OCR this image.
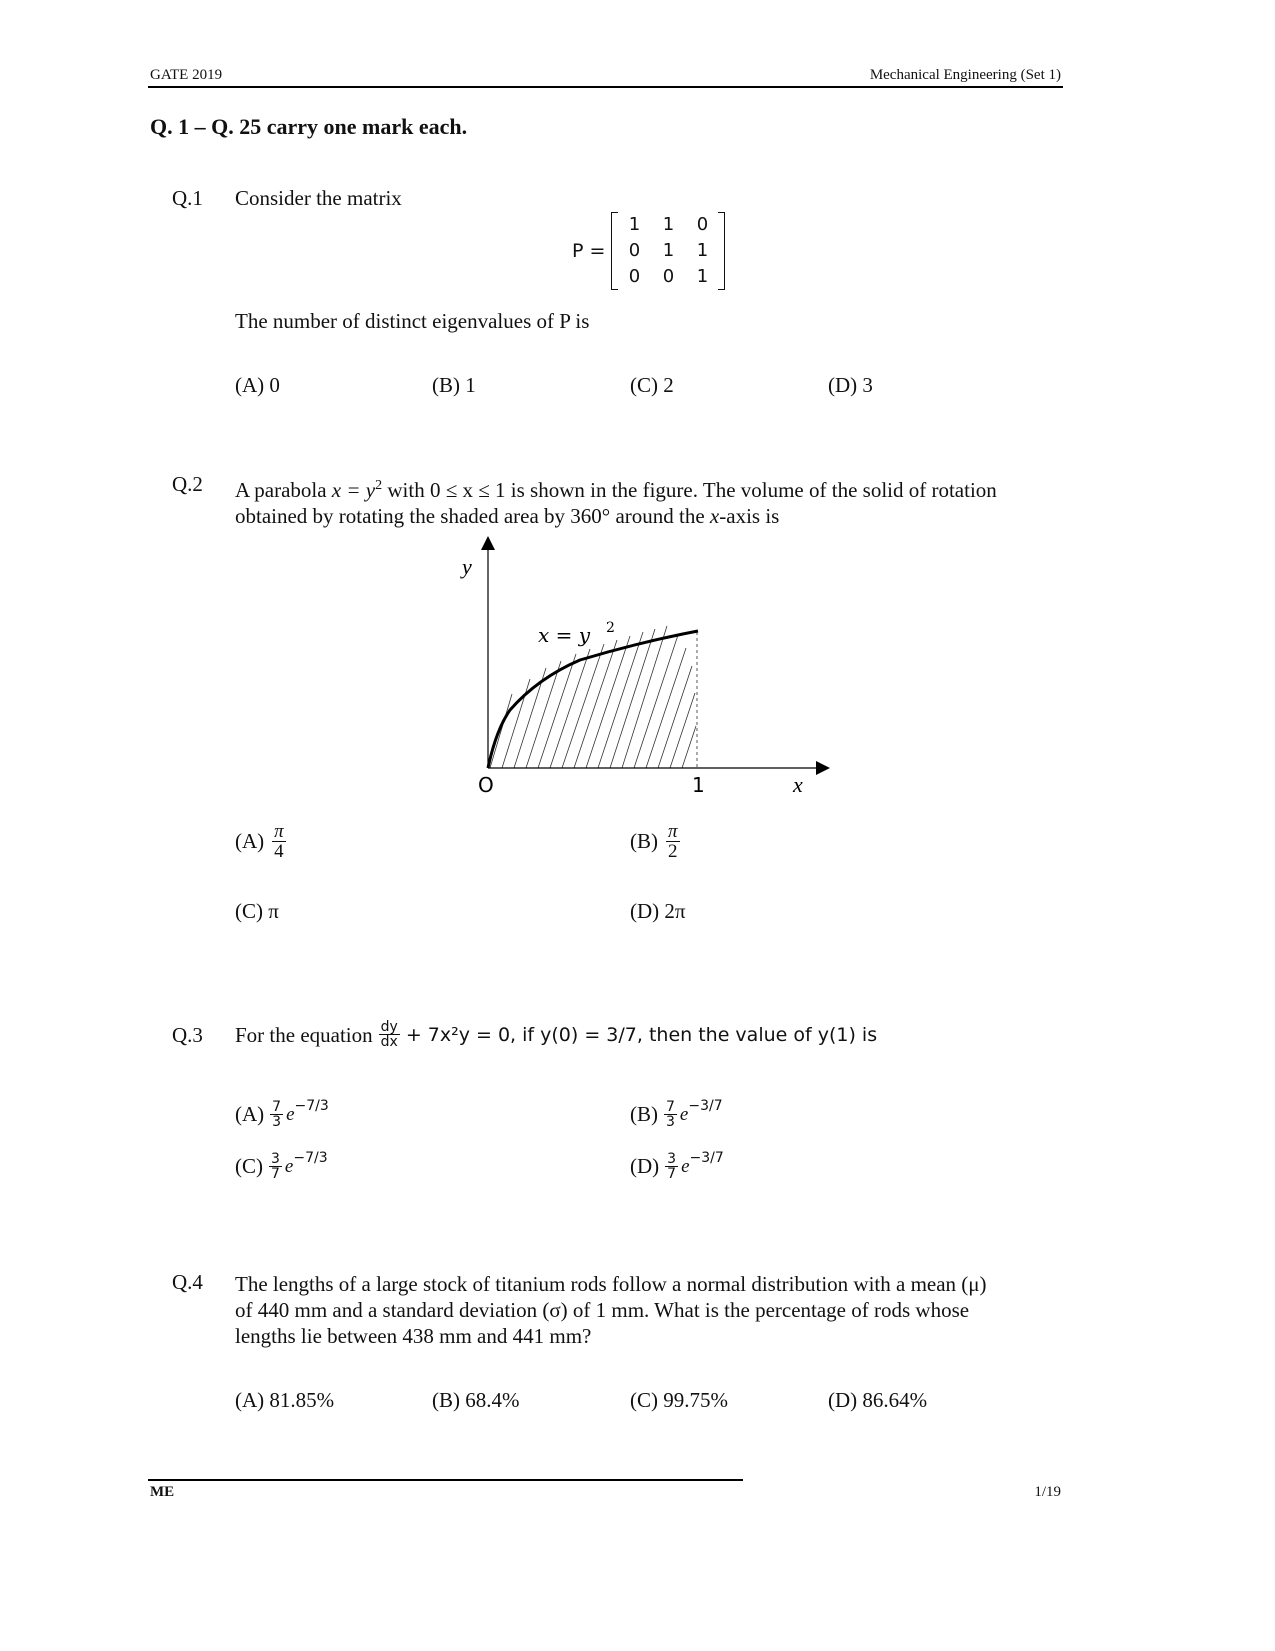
GATE 2019	Mechanical Engineering (Set 1)
Q. 1 – Q. 25 carry one mark each.
Q.1 Consider the matrix
P =
1	1	0
0	1	1
0	0	1
The number of distinct eigenvalues of P is
(A) 0	(B) 1	(C) 2	(D) 3
Q.2 A parabola $x = y^2$ with 0 ≤ x ≤ 1 is shown in the figure. The volume of the solid of rotation
obtained by rotating the shaded area by 360° around the x-axis is
y
x
O	1
x = y 2
$(A) \frac{\pi}{4}$	$(B) \frac{\pi}{2}$
(C) π	(D) 2π
Q.3 For the equation $\frac{dy}{dx} + 7x^2y = 0$, if y(0) = 3/7, then the value of y(1) is
$(A) \frac{7}{3}$ e −7/3	$(B) \frac{7}{3}$ e −3/7
$(C) \frac{3}{7}$ e −7/3	$(D) \frac{3}{7}$ e −3/7
Q.4 The lengths of a large stock of titanium rods follow a normal distribution with a mean (μ)
of 440 mm and a standard deviation (σ) of 1 mm. What is the percentage of rods whose
lengths lie between 438 mm and 441 mm?
(A) 81.85%	(B) 68.4%	(C) 99.75%	(D) 86.64%
ME	1/19
